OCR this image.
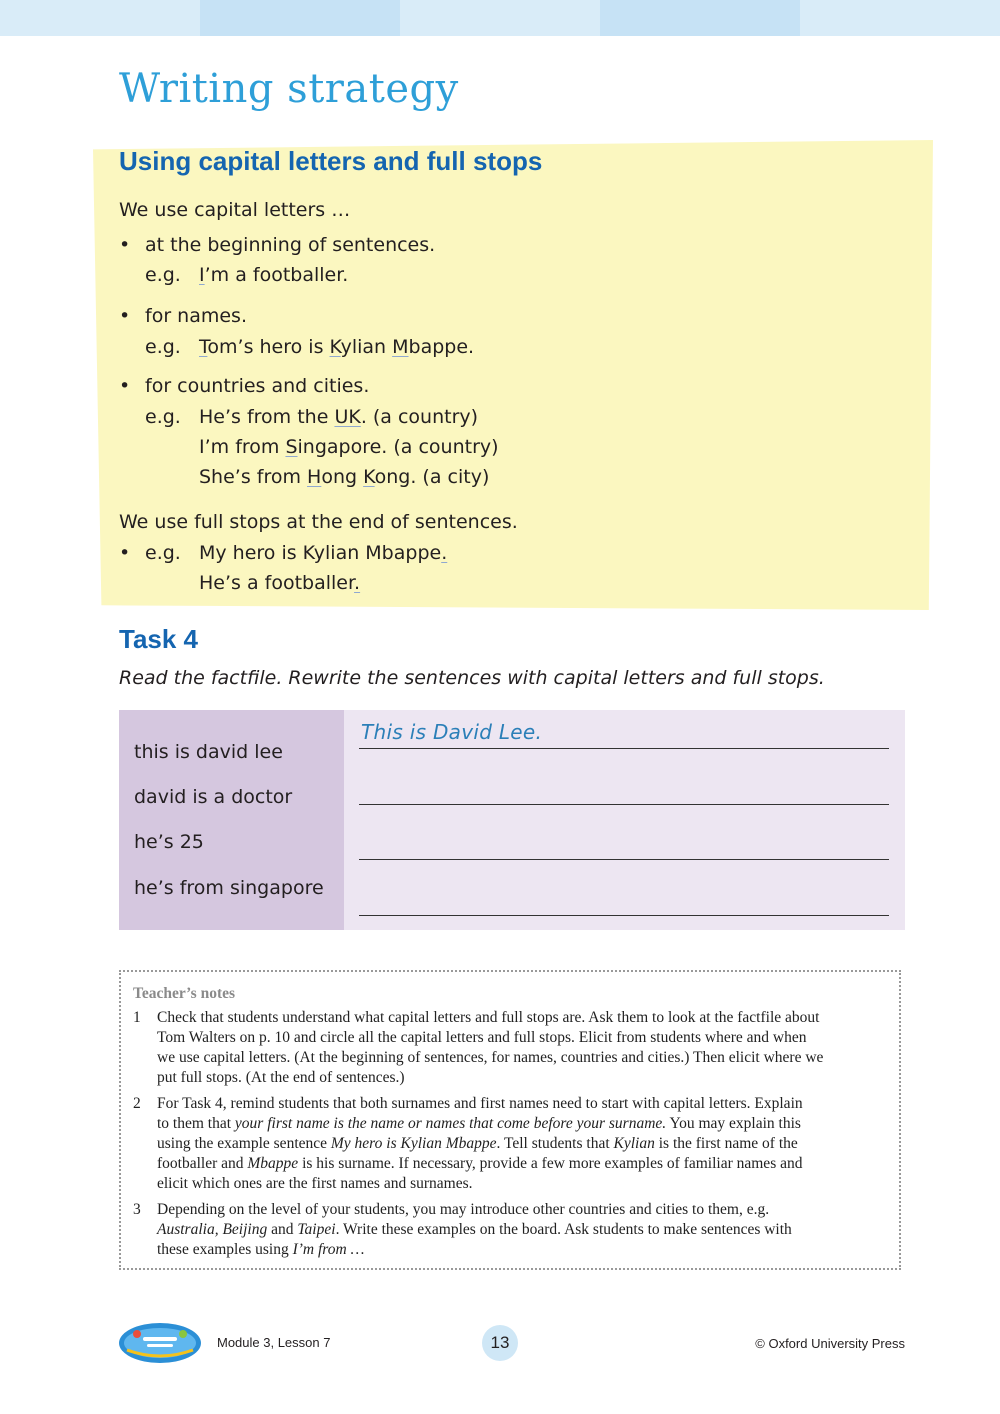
Writing strategy
Using capital letters and full stops
We use capital letters …
• at the beginning of sentences.
e.g. I’m a footballer.
• for names.
e.g. Tom’s hero is Kylian Mbappe.
• for countries and cities.
e.g. He’s from the UK. (a country)
I’m from Singapore. (a country)
She’s from Hong Kong. (a city)
We use full stops at the end of sentences.
• e.g. My hero is Kylian Mbappe.
He’s a footballer.
Task 4
Read the factfile. Rewrite the sentences with capital letters and full stops.
this is david lee
david is a doctor
he’s 25
he’s from singapore
This is David Lee.
Teacher’s notes
1 Check that students understand what capital letters and full stops are. Ask them to look at the factfile about
Tom Walters on p. 10 and circle all the capital letters and full stops. Elicit from students where and when
we use capital letters. (At the beginning of sentences, for names, countries and cities.) Then elicit where we
put full stops. (At the end of sentences.)
2 For Task 4, remind students that both surnames and first names need to start with capital letters. Explain
to them that your first name is the name or names that come before your surname. You may explain this
using the example sentence My hero is Kylian Mbappe. Tell students that Kylian is the first name of the
footballer and Mbappe is his surname. If necessary, provide a few more examples of familiar names and
elicit which ones are the first names and surnames.
3 Depending on the level of your students, you may introduce other countries and cities to them, e.g.
Australia, Beijing and Taipei. Write these examples on the board. Ask students to make sentences with
these examples using I’m from …
Module 3, Lesson 7	13	© Oxford University Press
